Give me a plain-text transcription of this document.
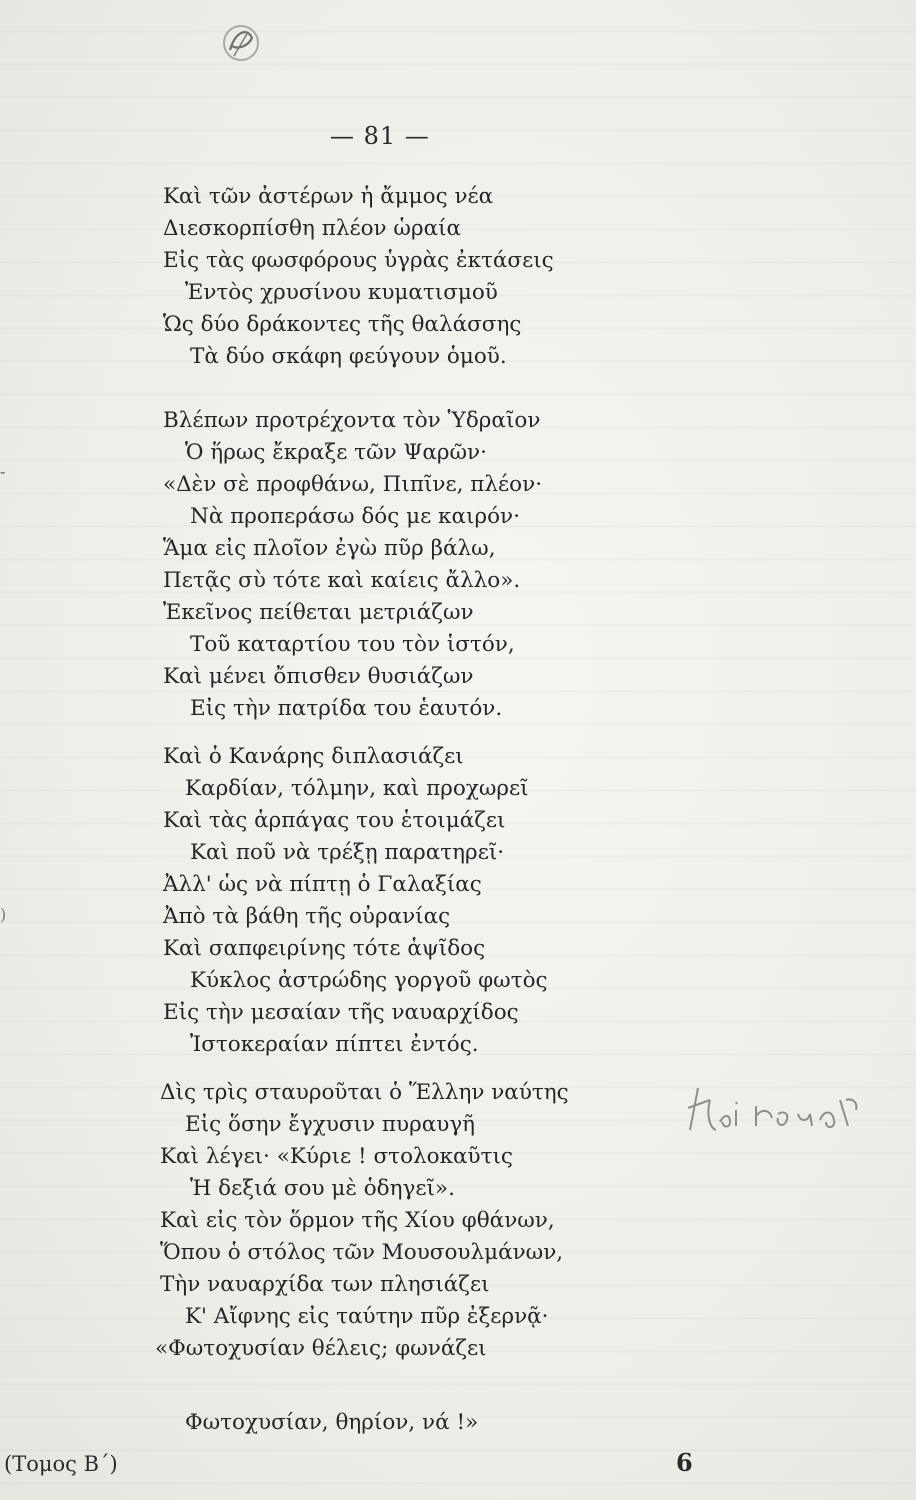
— 81 —
-
)
Καὶ τῶν ἀστέρων ἡ ἄμμος νέα
Διεσκορπίσθη πλέον ὡραία
Εἰς τὰς φωσφόρους ὑγρὰς ἐκτάσεις
Ἐντὸς χρυσίνου κυματισμοῦ
Ὡς δύο δράκοντες τῆς θαλάσσης
Τὰ δύο σκάφη φεύγουν ὁμοῦ.
Βλέπων προτρέχοντα τὸν Ὑδραῖον
Ὁ ἥρως ἔκραξε τῶν Ψαρῶν·
«Δὲν σὲ προφθάνω, Πιπῖνε, πλέον·
Νὰ προπεράσω δός με καιρόν·
Ἅμα εἰς πλοῖον ἐγὼ πῦρ βάλω,
Πετᾷς σὺ τότε καὶ καίεις ἄλλο».
Ἐκεῖνος πείθεται μετριάζων
Τοῦ καταρτίου του τὸν ἱστόν,
Καὶ μένει ὄπισθεν θυσιάζων
Εἰς τὴν πατρίδα του ἑαυτόν.
Καὶ ὁ Κανάρης διπλασιάζει
Καρδίαν, τόλμην, καὶ προχωρεῖ
Καὶ τὰς ἁρπάγας του ἑτοιμάζει
Καὶ ποῦ νὰ τρέξῃ παρατηρεῖ·
Ἀλλ' ὡς νὰ πίπτῃ ὁ Γαλαξίας
Ἀπὸ τὰ βάθη τῆς οὐρανίας
Καὶ σαπφειρίνης τότε ἁψῖδος
Κύκλος ἀστρώδης γοργοῦ φωτὸς
Εἰς τὴν μεσαίαν τῆς ναυαρχίδος
Ἰστοκεραίαν πίπτει ἐντός.
Δὶς τρὶς σταυροῦται ὁ Ἕλλην ναύτης
Εἰς ὅσην ἔγχυσιν πυραυγῆ
Καὶ λέγει· «Κύριε ! στολοκαῦτις
Ἡ δεξιά σου μὲ ὁδηγεῖ».
Καὶ εἰς τὸν ὅρμον τῆς Χίου φθάνων,
Ὅπου ὁ στόλος τῶν Μουσουλμάνων,
Τὴν ναυαρχίδα των πλησιάζει
Κ' Αἴφνης εἰς ταύτην πῦρ ἐξερνᾷ·
«Φωτοχυσίαν θέλεις; φωνάζει
Φωτοχυσίαν, θηρίον, νά !»
(Τομος Β΄)	6
